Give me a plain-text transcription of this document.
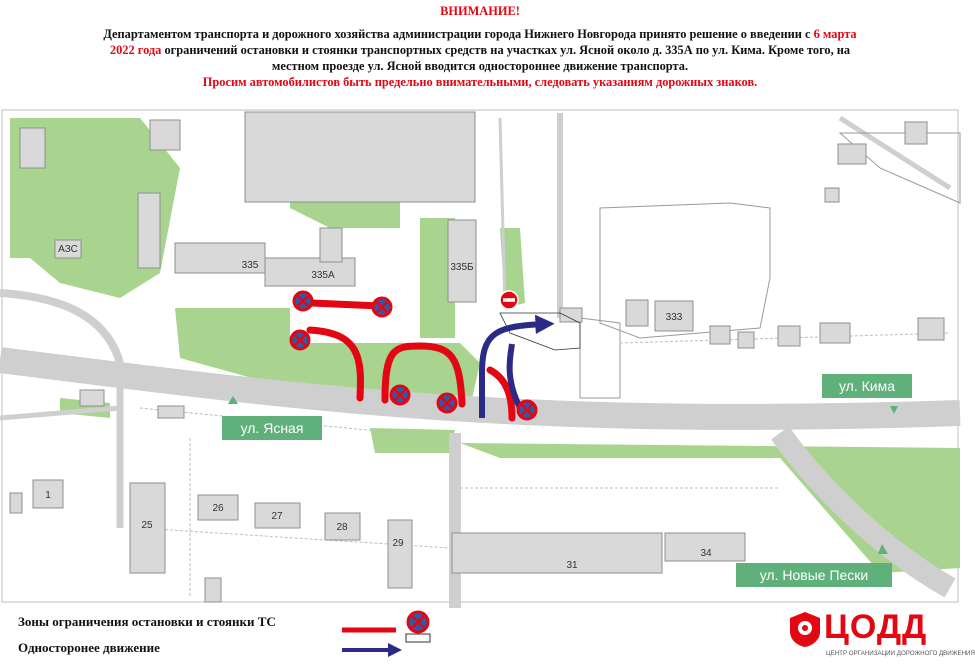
ВНИМАНИЕ!
Департаментом транспорта и дорожного хозяйства администрации города Нижнего Новгорода принято решение о введении с 6 марта
2022 года ограничений остановки и стоянки транспортных средств на участках ул. Ясной около д. 335А по ул. Кима. Кроме того, на
местном проезде ул. Ясной вводится одностороннее движение транспорта.
Просим автомобилистов быть предельно внимательными, следовать указаниям дорожных знаков.
АЗС
335
335А
335Б
333
1
25
26
27
28
29
31
34
ул. Ясная
ул. Кима
ул. Новые Пески
Зоны ограничения остановки и стоянки ТС
Односторонее движение
ЦОДД
ЦЕНТР ОРГАНИЗАЦИИ ДОРОЖНОГО ДВИЖЕНИЯ
